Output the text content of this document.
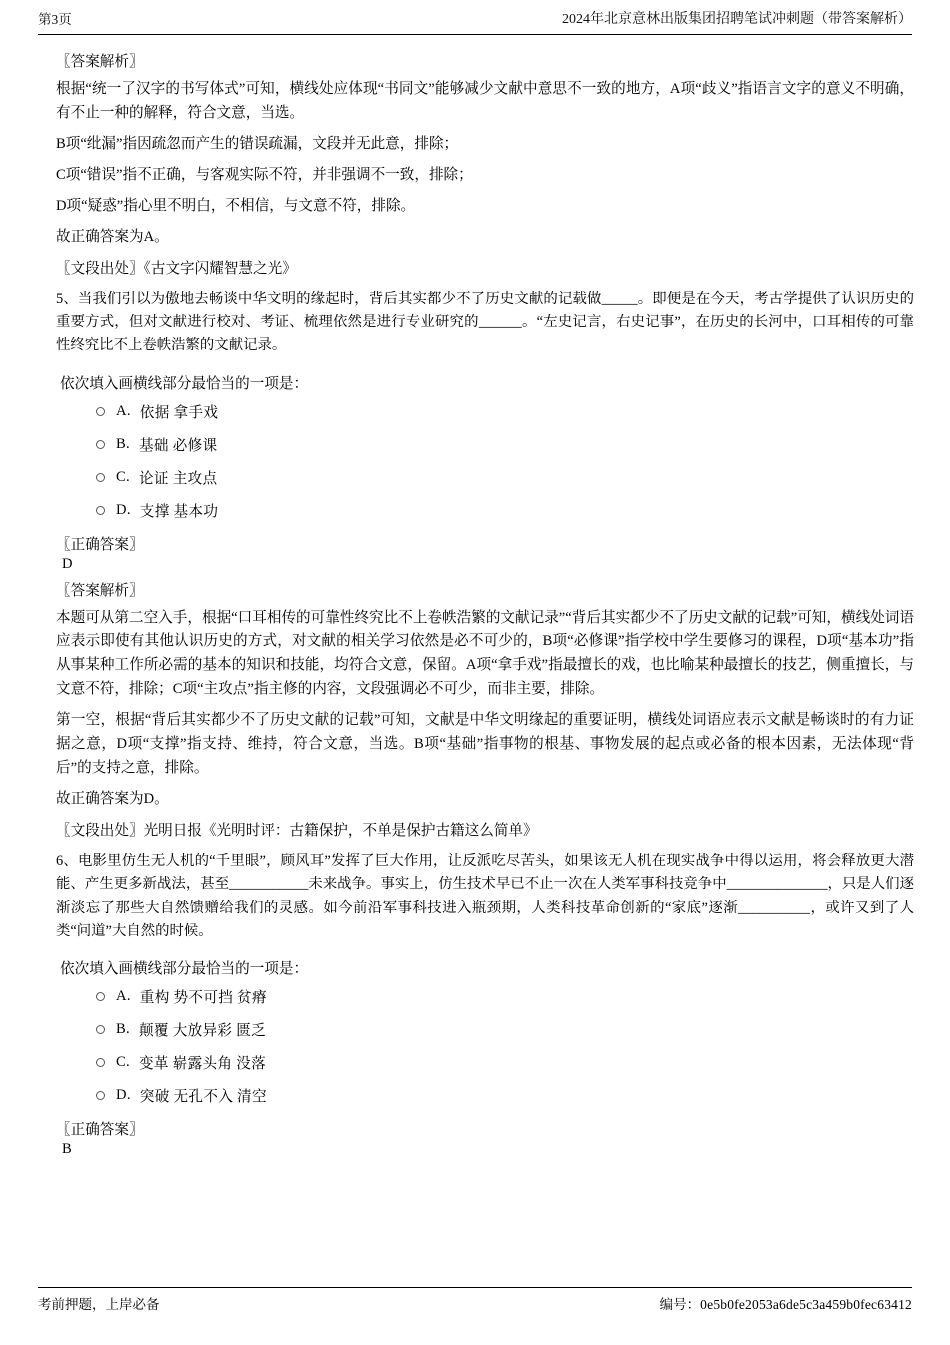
第3页	2024年北京意林出版集团招聘笔试冲刺题（带答案解析）
〖答案解析〗
根据“统一了汉字的书写体式”可知，横线处应体现“书同文”能够减少文献中意思不一致的地方，A项“歧义”指语言文字的意义不明确，有不止一种的解释，符合文意，当选。
B项“纰漏”指因疏忽而产生的错误疏漏，文段并无此意，排除；
C项“错误”指不正确，与客观实际不符，并非强调不一致，排除；
D项“疑惑”指心里不明白，不相信，与文意不符，排除。
故正确答案为A。
〖文段出处〗《古文字闪耀智慧之光》
5、当我们引以为傲地去畅谈中华文明的缘起时，背后其实都少不了历史文献的记载做_____。即便是在今天，考古学提供了认识历史的重要方式，但对文献进行校对、考证、梳理依然是进行专业研究的______。“左史记言，右史记事”，在历史的长河中，口耳相传的可靠性终究比不上卷帙浩繁的文献记录。
依次填入画横线部分最恰当的一项是：
A. 依据 拿手戏
B. 基础 必修课
C. 论证 主攻点
D. 支撑 基本功
〖正确答案〗
D
〖答案解析〗
本题可从第二空入手，根据“口耳相传的可靠性终究比不上卷帙浩繁的文献记录”“背后其实都少不了历史文献的记载”可知，横线处词语应表示即使有其他认识历史的方式，对文献的相关学习依然是必不可少的，B项“必修课”指学校中学生要修习的课程，D项“基本功”指从事某种工作所必需的基本的知识和技能，均符合文意，保留。A项“拿手戏”指最擅长的戏，也比喻某种最擅长的技艺，侧重擅长，与文意不符，排除；C项“主攻点”指主修的内容，文段强调必不可少，而非主要，排除。
第一空，根据“背后其实都少不了历史文献的记载”可知，文献是中华文明缘起的重要证明，横线处词语应表示文献是畅谈时的有力证据之意，D项“支撑”指支持、维持，符合文意，当选。B项“基础”指事物的根基、事物发展的起点或必备的根本因素，无法体现“背后”的支持之意，排除。
故正确答案为D。
〖文段出处〗光明日报《光明时评：古籍保护，不单是保护古籍这么简单》
6、电影里仿生无人机的“千里眼”，顾风耳”发挥了巨大作用，让反派吃尽苦头，如果该无人机在现实战争中得以运用，将会释放更大潜能、产生更多新战法，甚至___________未来战争。事实上，仿生技术早已不止一次在人类军事科技竞争中______________，只是人们逐渐淡忘了那些大自然馈赠给我们的灵感。如今前沿军事科技进入瓶颈期，人类科技革命创新的“家底”逐渐__________，或许又到了人类“问道”大自然的时候。
依次填入画横线部分最恰当的一项是：
A. 重构 势不可挡 贫瘠
B. 颠覆 大放异彩 匮乏
C. 变革 崭露头角 没落
D. 突破 无孔不入 清空
〖正确答案〗
B
考前押题，上岸必备	编号：0e5b0fe2053a6de5c3a459b0fec63412
